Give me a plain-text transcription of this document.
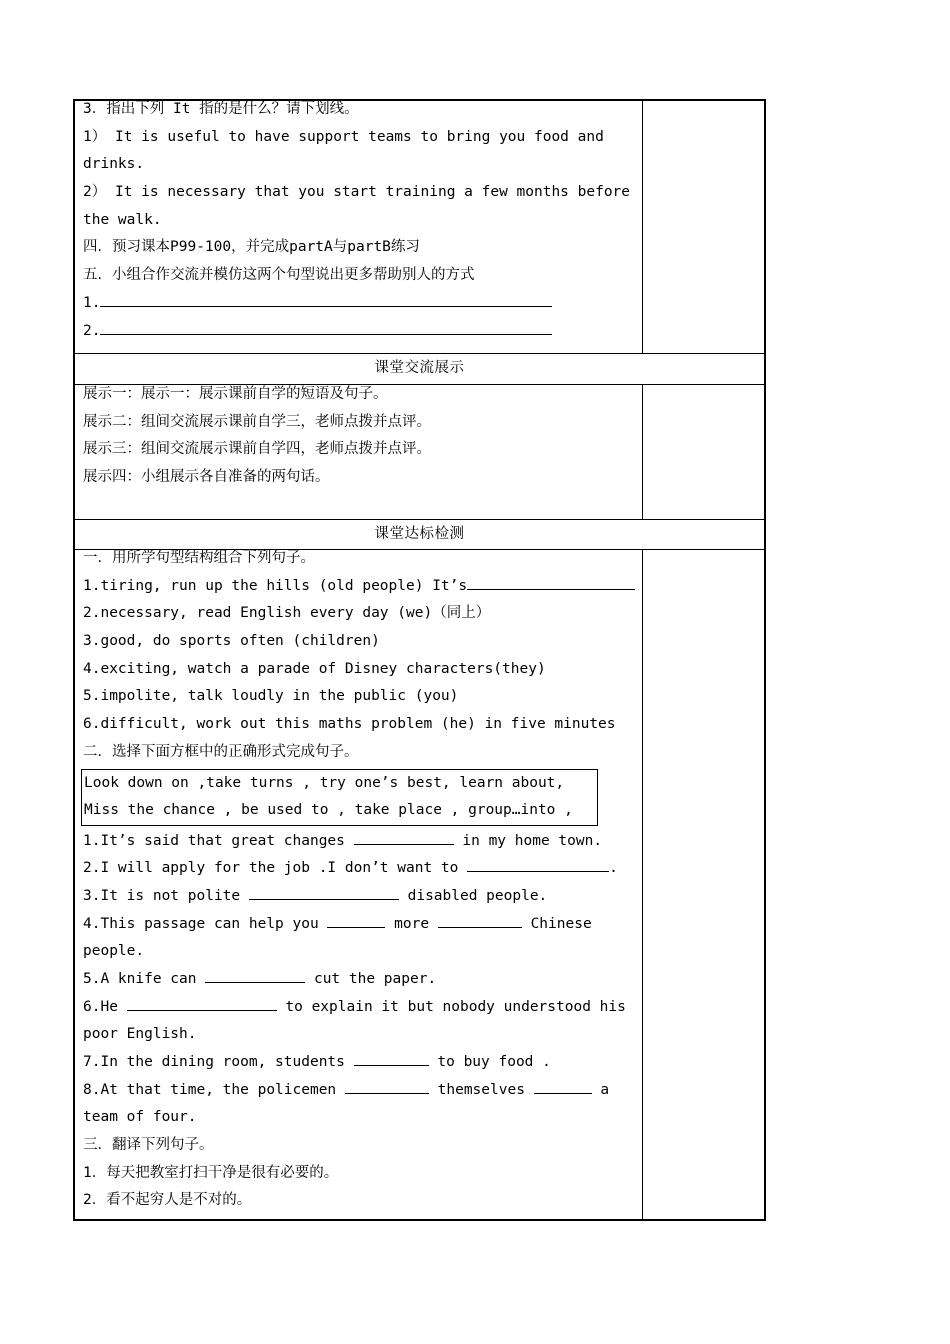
3．指出下列 It 指的是什么？请下划线。
1） It is useful to have support teams to bring you food and
drinks.
2） It is necessary that you start training a few months before
the walk.
四．预习课本P99-100，并完成partA与partB练习
五．小组合作交流并模仿这两个句型说出更多帮助别人的方式
1.
2.
课堂交流展示
展示一：展示一：展示课前自学的短语及句子。
展示二：组间交流展示课前自学三，老师点拨并点评。
展示三：组间交流展示课前自学四，老师点拨并点评。
展示四：小组展示各自准备的两句话。
课堂达标检测
一．用所学句型结构组合下列句子。
1.tiring, run up the hills (old people) It’s
2.necessary, read English every day (we)（同上）
3.good, do sports often (children)
4.exciting, watch a parade of Disney characters(they)
5.impolite, talk loudly in the public (you)
6.difficult, work out this maths problem (he) in five minutes
二．选择下面方框中的正确形式完成句子。
Look down on ,take turns , try one’s best, learn about,
Miss the chance , be used to , take place , group…into ,
1.It’s said that great changes	in my home town.
2.I will apply for the job .I don’t want to	.
3.It is not polite	disabled people.
4.This passage can help you	more	Chinese
people.
5.A knife can	cut the paper.
6.He	to explain it but nobody understood his
poor English.
7.In the dining room, students	to buy food .
8.At that time, the policemen	themselves	a
team of four.
三．翻译下列句子。
1．每天把教室打扫干净是很有必要的。
2．看不起穷人是不对的。
